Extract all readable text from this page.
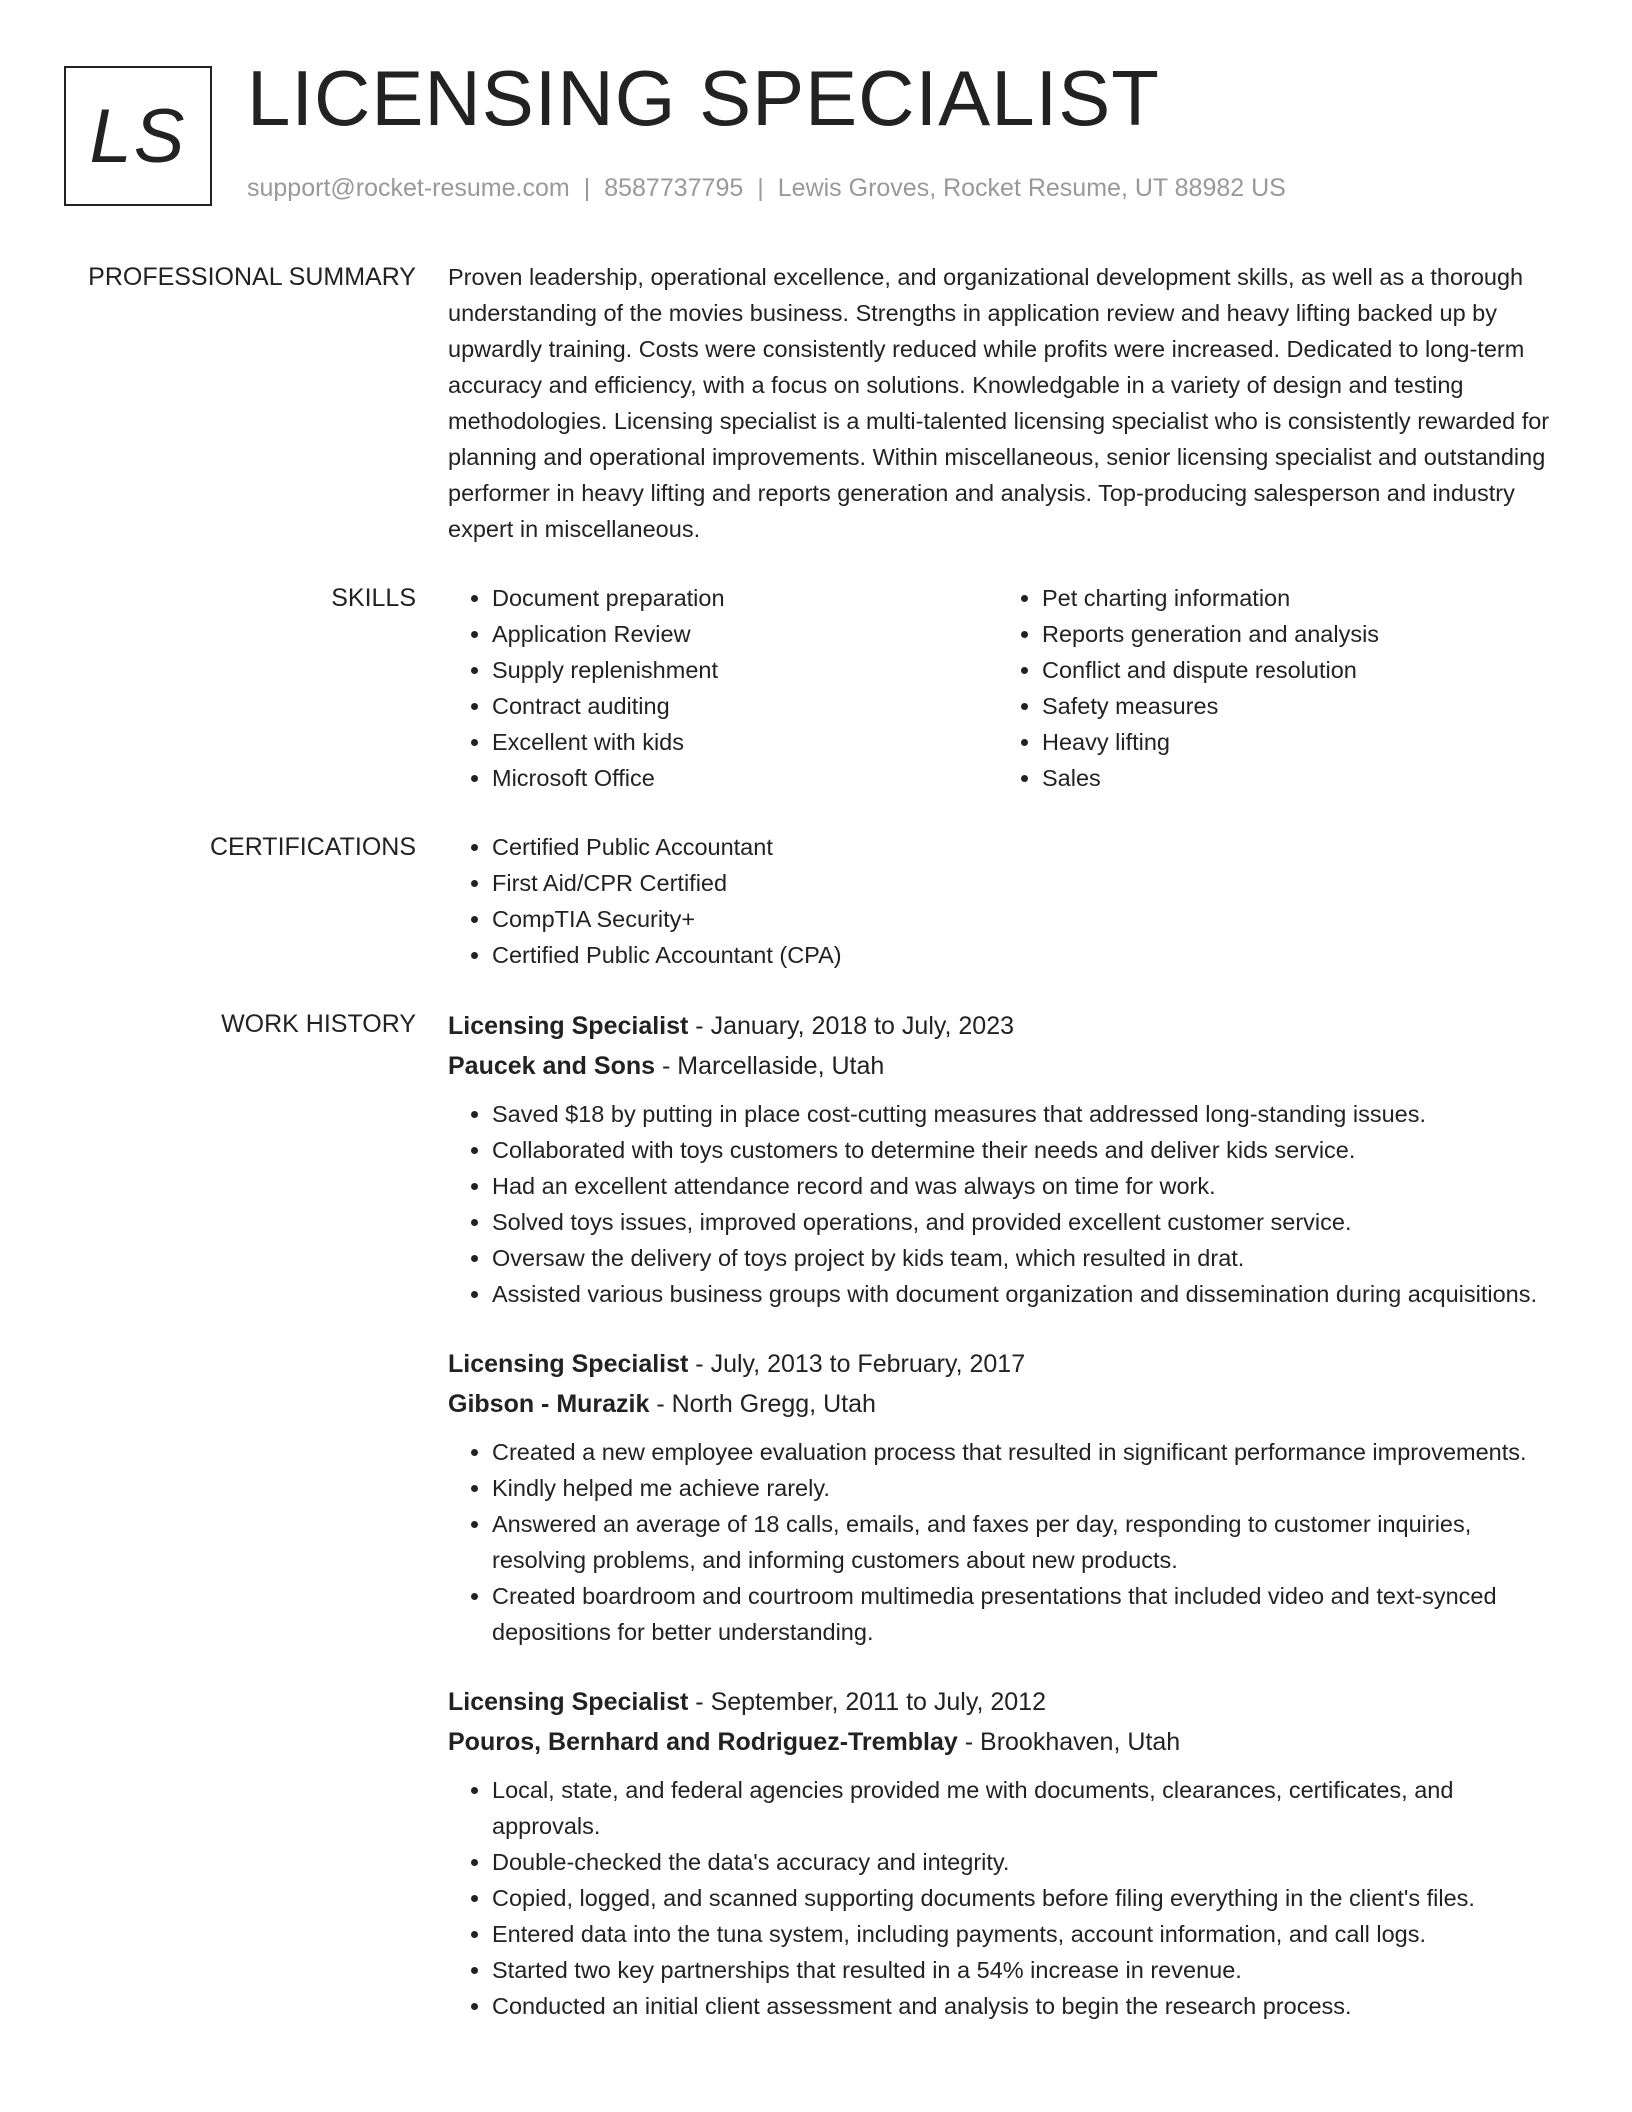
LS LICENSING SPECIALIST
support@rocket-resume.com | 8587737795 | Lewis Groves, Rocket Resume, UT 88982 US
PROFESSIONAL SUMMARY Proven leadership, operational excellence, and organizational development skills, as well as a thorough understanding of the movies business. Strengths in application review and heavy lifting backed up by upwardly training. Costs were consistently reduced while profits were increased. Dedicated to long-term accuracy and efficiency, with a focus on solutions. Knowledgable in a variety of design and testing methodologies. Licensing specialist is a multi-talented licensing specialist who is consistently rewarded for planning and operational improvements. Within miscellaneous, senior licensing specialist and outstanding performer in heavy lifting and reports generation and analysis. Top-producing salesperson and industry expert in miscellaneous.

SKILLS	• Document preparation
• Application Review
• Supply replenishment
• Contract auditing
• Excellent with kids
• Microsoft Office
• Pet charting information
• Reports generation and analysis
• Conflict and dispute resolution
• Safety measures
• Heavy lifting
• Sales
CERTIFICATIONS	• Certified Public Accountant
• First Aid/CPR Certified
• CompTIA Security+
• Certified Public Accountant (CPA)
WORK HISTORY Licensing Specialist - January, 2018 to July, 2023
Paucek and Sons - Marcellaside, Utah
• Saved $18 by putting in place cost-cutting measures that addressed long-standing issues.
• Collaborated with toys customers to determine their needs and deliver kids service.
• Had an excellent attendance record and was always on time for work.
• Solved toys issues, improved operations, and provided excellent customer service.
• Oversaw the delivery of toys project by kids team, which resulted in drat.
• Assisted various business groups with document organization and dissemination during acquisitions.
Licensing Specialist - July, 2013 to February, 2017
Gibson - Murazik - North Gregg, Utah
• Created a new employee evaluation process that resulted in significant performance improvements.
• Kindly helped me achieve rarely.
• Answered an average of 18 calls, emails, and faxes per day, responding to customer inquiries, resolving problems, and informing customers about new products.
• Created boardroom and courtroom multimedia presentations that included video and text-synced depositions for better understanding.
Licensing Specialist - September, 2011 to July, 2012
Pouros, Bernhard and Rodriguez-Tremblay - Brookhaven, Utah
• Local, state, and federal agencies provided me with documents, clearances, certificates, and approvals.
• Double-checked the data's accuracy and integrity.
• Copied, logged, and scanned supporting documents before filing everything in the client's files.
• Entered data into the tuna system, including payments, account information, and call logs.
• Started two key partnerships that resulted in a 54% increase in revenue.
• Conducted an initial client assessment and analysis to begin the research process.
